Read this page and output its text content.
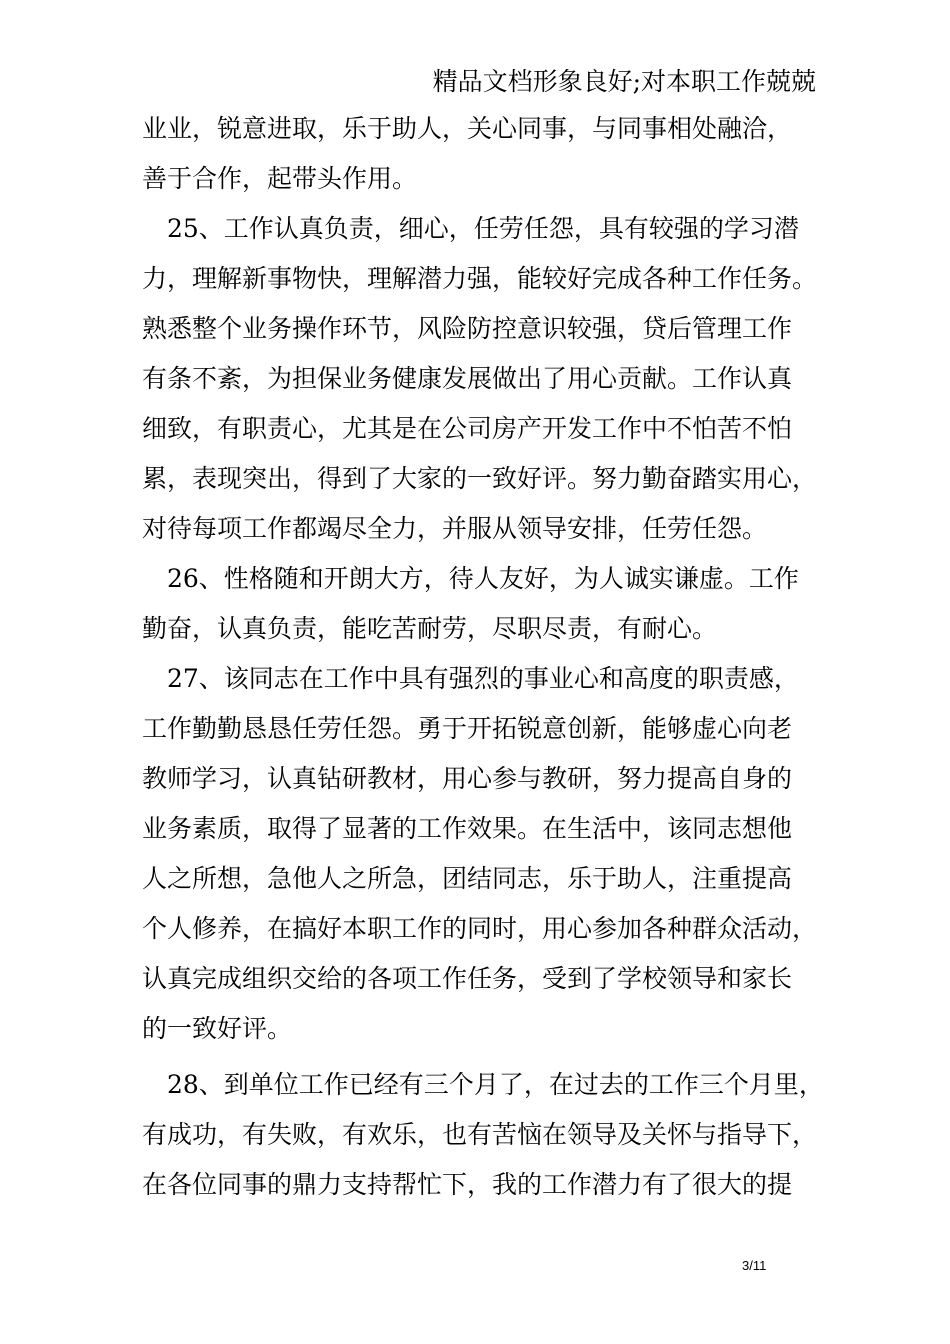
精品文档形象良好;对本职工作兢兢
业业，锐意进取，乐于助人，关心同事，与同事相处融洽，
善于合作，起带头作用。
25、工作认真负责，细心，任劳任怨，具有较强的学习潜
力，理解新事物快，理解潜力强，能较好完成各种工作任务。
熟悉整个业务操作环节，风险防控意识较强，贷后管理工作
有条不紊，为担保业务健康发展做出了用心贡献。工作认真
细致，有职责心，尤其是在公司房产开发工作中不怕苦不怕
累，表现突出，得到了大家的一致好评。努力勤奋踏实用心，
对待每项工作都竭尽全力，并服从领导安排，任劳任怨。
26、性格随和开朗大方，待人友好，为人诚实谦虚。工作
勤奋，认真负责，能吃苦耐劳，尽职尽责，有耐心。
27、该同志在工作中具有强烈的事业心和高度的职责感，
工作勤勤恳恳任劳任怨。勇于开拓锐意创新，能够虚心向老
教师学习，认真钻研教材，用心参与教研，努力提高自身的
业务素质，取得了显著的工作效果。在生活中，该同志想他
人之所想，急他人之所急，团结同志，乐于助人，注重提高
个人修养，在搞好本职工作的同时，用心参加各种群众活动，
认真完成组织交给的各项工作任务，受到了学校领导和家长
的一致好评。
28、到单位工作已经有三个月了，在过去的工作三个月里，
有成功，有失败，有欢乐，也有苦恼在领导及关怀与指导下，
在各位同事的鼎力支持帮忙下，我的工作潜力有了很大的提
3/11
